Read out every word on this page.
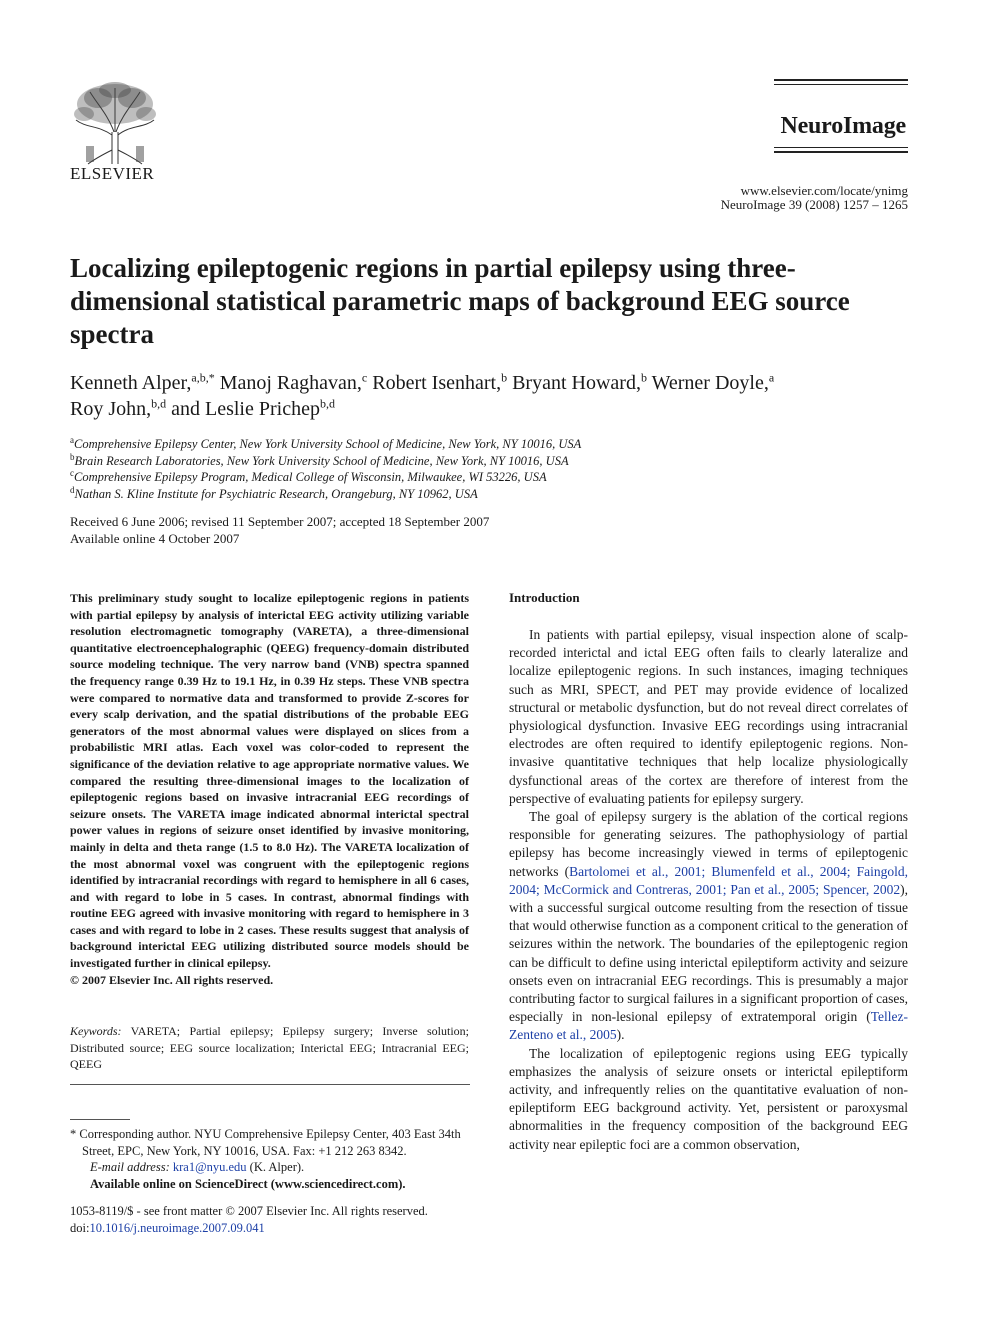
ELSEVIER
NeuroImage
www.elsevier.com/locate/ynimg
NeuroImage 39 (2008) 1257 – 1265
Localizing epileptogenic regions in partial epilepsy using three-dimensional statistical parametric maps of background EEG source spectra
Kenneth Alper,$^{a,b,*}$ Manoj Raghavan,$^c$ Robert Isenhart,$^b$ Bryant Howard,$^b$ Werner Doyle,$^a$
Roy John,$^{b,d}$ and Leslie Prichep$^{b,d}$
$^a$Comprehensive Epilepsy Center, New York University School of Medicine, New York, NY 10016, USA
$^b$Brain Research Laboratories, New York University School of Medicine, New York, NY 10016, USA
$^c$Comprehensive Epilepsy Program, Medical College of Wisconsin, Milwaukee, WI 53226, USA
$^d$Nathan S. Kline Institute for Psychiatric Research, Orangeburg, NY 10962, USA
Received 6 June 2006; revised 11 September 2007; accepted 18 September 2007
Available online 4 October 2007
This preliminary study sought to localize epileptogenic regions in patients with partial epilepsy by analysis of interictal EEG activity utilizing variable resolution electromagnetic tomography (VARETA), a three-dimensional quantitative electroencephalographic (QEEG) frequency-domain distributed source modeling technique. The very narrow band (VNB) spectra spanned the frequency range 0.39 Hz to 19.1 Hz, in 0.39 Hz steps. These VNB spectra were compared to normative data and transformed to provide Z-scores for every scalp derivation, and the spatial distributions of the probable EEG generators of the most abnormal values were displayed on slices from a probabilistic MRI atlas. Each voxel was color-coded to represent the significance of the deviation relative to age appropriate normative values. We compared the resulting three-dimensional images to the localization of epileptogenic regions based on invasive intracranial EEG recordings of seizure onsets. The VARETA image indicated abnormal interictal spectral power values in regions of seizure onset identified by invasive monitoring, mainly in delta and theta range (1.5 to 8.0 Hz). The VARETA localization of the most abnormal voxel was congruent with the epileptogenic regions identified by intracranial recordings with regard to hemisphere in all 6 cases, and with regard to lobe in 5 cases. In contrast, abnormal findings with routine EEG agreed with invasive monitoring with regard to hemisphere in 3 cases and with regard to lobe in 2 cases. These results suggest that analysis of background interictal EEG utilizing distributed source models should be investigated further in clinical epilepsy.
© 2007 Elsevier Inc. All rights reserved.
Keywords: VARETA; Partial epilepsy; Epilepsy surgery; Inverse solution; Distributed source; EEG source localization; Interictal EEG; Intracranial EEG; QEEG
* Corresponding author. NYU Comprehensive Epilepsy Center, 403 East 34th Street, EPC, New York, NY 10016, USA. Fax: +1 212 263 8342.
E-mail address: kra1@nyu.edu (K. Alper).
Available online on ScienceDirect (www.sciencedirect.com).
1053-8119/$ - see front matter © 2007 Elsevier Inc. All rights reserved.
doi:10.1016/j.neuroimage.2007.09.041
Introduction

In patients with partial epilepsy, visual inspection alone of scalp-recorded interictal and ictal EEG often fails to clearly lateralize and localize epileptogenic regions. In such instances, imaging techniques such as MRI, SPECT, and PET may provide evidence of localized structural or metabolic dysfunction, but do not reveal direct correlates of physiological dysfunction. Invasive EEG recordings using intracranial electrodes are often required to identify epileptogenic regions. Non-invasive quantitative techniques that help localize physiologically dysfunctional areas of the cortex are therefore of interest from the perspective of evaluating patients for epilepsy surgery.

The goal of epilepsy surgery is the ablation of the cortical regions responsible for generating seizures. The pathophysiology of partial epilepsy has become increasingly viewed in terms of epileptogenic networks (Bartolomei et al., 2001; Blumenfeld et al., 2004; Faingold, 2004; McCormick and Contreras, 2001; Pan et al., 2005; Spencer, 2002), with a successful surgical outcome resulting from the resection of tissue that would otherwise function as a component critical to the generation of seizures within the network. The boundaries of the epileptogenic region can be difficult to define using interictal epileptiform activity and seizure onsets even on intracranial EEG recordings. This is presumably a major contributing factor to surgical failures in a significant proportion of cases, especially in non-lesional epilepsy of extratemporal origin (Tellez-Zenteno et al., 2005).

The localization of epileptogenic regions using EEG typically emphasizes the analysis of seizure onsets or interictal epileptiform activity, and infrequently relies on the quantitative evaluation of non-epileptiform EEG background activity. Yet, persistent or paroxysmal abnormalities in the frequency composition of the background EEG activity near epileptic foci are a common observation,
